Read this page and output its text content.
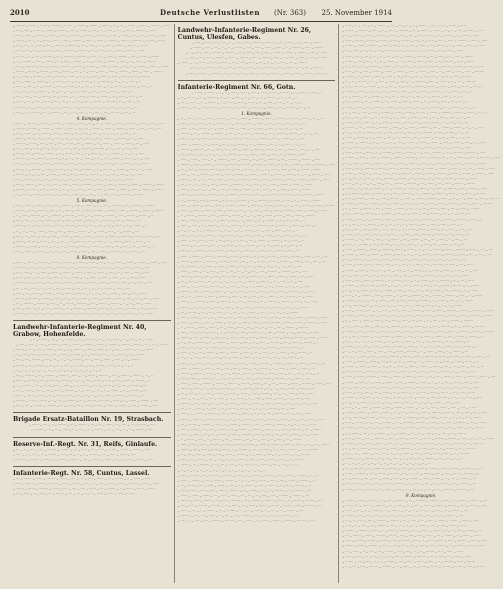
2010	Deutsche Verlustlisten	(Nr. 363) 25. November 1914
– ········ – ······ – ······ – ········ – ······· – ········ – ······· – ······ – ··· – ··· – ······· – ······ – ········ – ······
– ··· – ····· – ······· – ······· – ······· – ····· – ······· – ···· – ·· – ····· – ····· – ····· – ········ – ······
– ····· – ····· – ········ – ······ – ······ – ········ – ······· – ········ – ······· – ······ – ··· – ··· – ······· – ······
– ······· – ···· – ·· – ····· – ····· – ····· – ········ – ······ – ······ – ········ – ······· – ········ – ······· – ······
– ··· – ··· – ·· – ···· – ···· – ········ – ········ – ··· – ····· – ··· – ····· – ······· – ······· – ·······
– ····· – ··· – ··· – ·· – ···· – ···· – ········ – ········ – ··· – ····· – ··· – ····· – ······· – ·······
– ······· – ·· – ···· – ········ – ··· – ········ – ········ – ····· – ·· – ······ – ········ – ···· – ······· – ·······
– ·· – ········ – ····· – ······· – ·· – ···· – ········ – ··· – ········ – ········ – ····· – ·· – ······ – ········
– ····· – ········ – ······ – ······ – ········ – ······· – ········ – ······· – ······ – ··· – ··· – ······· – ······ – ········
– ······· – ······· – ······· – ····· – ······· – ···· – ·· – ····· – ····· – ····· – ········ – ······ – ······ – ········
– ·· – ······ – ········ – ···· – ······· – ······· – ·· – ·· – ···· – ······ – ····· – ···· – ······ – ········
– ···· – ······ – ········ – ·· – ······ – ···· – ·· – ······· – ··· – ········ – ··· – ··· – ····· – ··
– ······ – ····· – ·· – ········ – ····· – ······· – ·· – ···· – ········ – ··· – ········ – ········ – ····· – ··
– ·· – ···· – ··· – ······· – ···· – ··· – ·· – ·· – ······· – ···· – ····· – ······ – ····· – ··
– ···· – ···· – ···· – ······ – ··· – ······· – ·· – ······ – ······ – ······ – ··· – ····· – ····· – ···
– ······ – ··· – ····· – ····· – ··· – ··· – ·· – ···· – ···· – ········ – ········ – ··· – ····· – ···
– ········ – ·· – ······ – ···· – ·· – ······· – ··· – ········ – ··· – ··· – ····· – ·· – ···· – ···
– ···· – ·· – ······· – ··· – ········ – ··· – ··· – ····· – ·· – ···· – ··· – ······· – ···· – ···
4. Kompagnie.
– ······ – ········ – ······· – ········ – ······· – ······ – ··· – ··· – ······· – ······ – ········ – ······ – ···· – ····
– ········ – ······· – ········ – ······· – ······ – ··· – ··· – ······· – ······ – ········ – ······ – ···· – ···· – ····
– ··· – ······· – ·· – ······ – ······ – ······ – ··· – ····· – ····· – ··· – ··· – ·· – ···· – ····
– ······ – ······ – ··· – ····· – ····· – ··· – ··· – ·· – ···· – ···· – ········ – ········ – ··· – ·····
– ········ – ······ – ···· – ···· – ···· – ······ – ··· – ······· – ·· – ······ – ······ – ······ – ··· – ·····
– ··· – ····· – ····· – ··· – ··· – ·· – ···· – ···· – ········ – ········ – ··· – ····· – ··· – ·····
– ····· – ···· – ······ – ········ – ·· – ······ – ···· – ·· – ······· – ··· – ········ – ··· – ··· – ·····
– ········ – ···· – ······· – ······· – ·· – ·· – ···· – ······ – ····· – ···· – ······ – ········ – ·· – ······
– ··· – ··· – ······· – ······ – ········ – ······ – ···· – ···· – ···· – ······ – ··· – ······· – ·· – ······
– ····· – ·· – ········ – ····· – ······· – ·· – ···· – ········ – ··· – ········ – ········ – ····· – ·· – ······
– ······· – ·· – ·· – ···· – ······ – ····· – ···· – ······ – ········ – ·· – ······ – ···· – ·· – ·······
– ··· – ········ – ··· – ··· – ····· – ·· – ···· – ··· – ······· – ···· – ··· – ·· – ·· – ·······
– ····· – ······· – ···· – ·· – ····· – ····· – ····· – ········ – ······ – ······ – ········ – ······· – ········ – ·······
– ······· – ······· – ····· – ······· – ···· – ·· – ····· – ····· – ····· – ········ – ······ – ······ – ········ – ·······
– ·· – ······ – ······ – ······ – ··· – ····· – ····· – ··· – ··· – ·· – ···· – ···· – ········ – ········
5. Kompagnie.
– ···· – ····· – ······ – ····· – ·· – ········ – ····· – ······· – ·· – ···· – ········ – ··· – ········ – ········
– ······· – ····· – ······· – ···· – ·· – ····· – ····· – ····· – ········ – ······ – ······ – ········ – ······· – ········
– ·· – ···· – ········ – ··· – ········ – ········ – ····· – ·· – ······ – ········ – ···· – ······· – ······· – ··
– ···· – ··· – ·· – ·· – ······· – ···· – ····· – ······ – ····· – ·· – ········ – ····· – ······· – ··
– ······ – ··· – ··· – ······· – ······ – ········ – ······ – ···· – ···· – ···· – ······ – ··· – ······· – ··
– ·· – ·· – ···· – ······ – ····· – ···· – ······ – ········ – ·· – ······ – ···· – ·· – ······· – ···
– ···· – ·· – ····· – ····· – ····· – ········ – ······ – ······ – ········ – ······· – ········ – ······· – ······ – ···
– ······ – ········ – ······ – ···· – ···· – ···· – ······ – ··· – ······· – ·· – ······ – ······ – ······ – ···
– ········ – ······· – ······ – ··· – ··· – ······· – ······ – ········ – ······ – ···· – ···· – ···· – ······ – ···
– ···· – ······· – ······· – ·· – ·· – ···· – ······ – ····· – ···· – ······ – ········ – ·· – ······ – ····
8. Kompagnie.
– ······ – ······ – ········ – ······· – ········ – ······· – ······ – ··· – ··· – ······· – ······ – ········ – ······ – ····
– ········ – ····· – ·· – ······ – ········ – ···· – ······· – ······· – ·· – ·· – ···· – ······ – ····· – ····
– ··· – ····· – ··· – ····· – ······· – ······· – ······· – ····· – ······· – ···· – ·· – ····· – ····· – ·····
– ······ – ···· – ···· – ···· – ······ – ··· – ······· – ·· – ······ – ······ – ······ – ··· – ····· – ·····
– ········ – ··· – ····· – ··· – ····· – ······· – ······· – ······· – ····· – ······· – ···· – ·· – ····· – ·····
– ··· – ··· – ····· – ·· – ···· – ··· – ······· – ···· – ··· – ·· – ·· – ······· – ···· – ·····
– ····· – ·· – ······ – ········ – ···· – ······· – ······· – ·· – ·· – ···· – ······ – ····· – ···· – ······
– ······· – ········ – ······· – ······ – ··· – ··· – ······· – ······ – ········ – ······ – ···· – ···· – ···· – ······
– ··· – ········ – ········ – ····· – ·· – ······ – ········ – ···· – ······· – ······· – ·· – ·· – ···· – ······
– ····· – ······· – ·· – ···· – ········ – ··· – ········ – ········ – ····· – ·· – ······ – ········ – ···· – ·······
– ······· – ······ – ··· – ··· – ······· – ······ – ········ – ······ – ···· – ···· – ···· – ······ – ··· – ·······
Landwehr-Infanterie-Regiment Nr. 40, Grabow, Hohenfelde.
– ·· – ······ – ···· – ·· – ······· – ··· – ········ – ··· – ··· – ····· – ·· – ···· – ··· – ·······
– ····· – ····· – ····· – ········ – ······ – ······ – ········ – ······· – ········ – ······· – ······ – ··· – ··· – ·······
– ······· – ···· – ····· – ······ – ····· – ·· – ········ – ····· – ······· – ·· – ···· – ········ – ··· – ········
– ·· – ···· – ······ – ····· – ···· – ······ – ········ – ·· – ······ – ···· – ·· – ······· – ··· – ········
– ···· – ··· – ······· – ···· – ··· – ·· – ·· – ······· – ···· – ····· – ······ – ····· – ·· – ········
– ······· – ··· – ········ – ··· – ··· – ····· – ·· – ···· – ··· – ······· – ···· – ··· – ·· – ··
– ·· – ·· – ·· – ·· – ·· – ·· – ·· – ·· – ·· – ·· – ·· – ·· – ·· – ··
– ···· – ········ – ··· – ········ – ········ – ····· – ·· – ······ – ········ – ···· – ······· – ······· – ·· – ··
– ······ – ········ – ···· – ······· – ······· – ·· – ·· – ···· – ······ – ····· – ···· – ······ – ········ – ··
– ·· – ······· – ···· – ····· – ······ – ····· – ·· – ········ – ····· – ······· – ·· – ···· – ········ – ···
– ···· – ······ – ····· – ···· – ······ – ········ – ·· – ······ – ···· – ·· – ······· – ··· – ········ – ···
– ······ – ······ – ······ – ··· – ····· – ····· – ··· – ··· – ·· – ···· – ···· – ········ – ········ – ···
– ········ – ····· – ······· – ·· – ···· – ········ – ··· – ········ – ········ – ····· – ·· – ······ – ········ – ····
– ···· – ···· – ········ – ········ – ··· – ····· – ··· – ····· – ······· – ······· – ······· – ····· – ······· – ····
Brigade Ersatz-Bataillon Nr. 19, Strasbach.
– ······ – ···· – ·· – ······· – ··· – ········ – ··· – ··· – ····· – ·· – ···· – ··· – ······· – ····
– ········ – ··· – ··· – ····· – ·· – ···· – ··· – ······· – ···· – ··· – ·· – ·· – ······· – ····
Reserve-Inf.-Regt. Nr. 31, Reifs, Ginlaufe.
– ··· – ·· – ···· – ···· – ········ – ········ – ··· – ····· – ··· – ····· – ······· – ······· – ······· – ·····
– ····· – ·· – ···· – ··· – ······· – ···· – ··· – ·· – ·· – ······· – ···· – ····· – ······ – ·····
– ········ – ········ – ····· – ·· – ······ – ········ – ···· – ······· – ······· – ·· – ·· – ···· – ······ – ·····
Infanterie-Regt. Nr. 58, Cuntus, Lassel.
– ··· – ······· – ······ – ········ – ······ – ···· – ···· – ···· – ······ – ··· – ······· – ·· – ······ – ······
– ····· – ······· – ······· – ······· – ····· – ······· – ···· – ·· – ····· – ····· – ····· – ········ – ······ – ······
– ······· – ······ – ········ – ······ – ···· – ···· – ···· – ······ – ··· – ······· – ·· – ······ – ······ – ······
– ··· – ····· – ·· – ···· – ··· – ······· – ···· – ··· – ·· – ·· – ······· – ···· – ····· – ······
Landwehr-Infanterie-Regiment Nr. 26, Cuntus, Ulesfen, Gabes.
– ····· – ····· – ··· – ··· – ·· – ···· – ···· – ········ – ········ – ··· – ····· – ··· – ····· – ·······
– ······· – ···· – ··· – ·· – ·· – ······· – ···· – ····· – ······ – ····· – ·· – ········ – ····· – ·······
– ·· – ···· – ···· – ········ – ········ – ··· – ····· – ··· – ····· – ······· – ······· – ······· – ····· – ·······
– ····· – ··· – ····· – ······· – ······· – ······· – ····· – ······· – ···· – ·· – ····· – ····· – ····· – ········
– ······· – ·· – ······ – ······ – ······ – ··· – ····· – ····· – ··· – ··· – ·· – ···· – ···· – ········
– ·· – ·· – ······· – ···· – ····· – ······ – ····· – ·· – ········ – ····· – ······· – ·· – ···· – ········
– ···· – ········ – ········ – ··· – ····· – ··· – ····· – ······· – ······· – ······· – ····· – ······· – ···· – ··
Infanterie-Regiment Nr. 66, Gotn.
– ······· – ······· – ·· – ·· – ···· – ······ – ····· – ···· – ······ – ········ – ·· – ······ – ···· – ··
– ·· – ······· – ··· – ········ – ··· – ··· – ····· – ·· – ···· – ··· – ······· – ···· – ··· – ··
– ···· – ······ – ··· – ······· – ·· – ······ – ······ – ······ – ··· – ····· – ····· – ··· – ··· – ··
– ······ – ····· – ···· – ······ – ········ – ·· – ······ – ···· – ·· – ······· – ··· – ········ – ··· – ···
1. Kompagnie.
– ·· – ····· – ····· – ····· – ········ – ······ – ······ – ········ – ······· – ········ – ······· – ······ – ··· – ···
– ···· – ···· – ······ – ··· – ······· – ·· – ······ – ······ – ······ – ··· – ····· – ····· – ··· – ···
– ······ – ··· – ······· – ·· – ······ – ······ – ······ – ··· – ····· – ····· – ··· – ··· – ·· – ····
– ········ – ··· – ········ – ········ – ····· – ·· – ······ – ········ – ···· – ······· – ······· – ·· – ·· – ····
– ··· – ·· – ·· – ······· – ···· – ····· – ······ – ····· – ·· – ········ – ····· – ······· – ·· – ····
– ······ – ········ – ·· – ······ – ···· – ·· – ······· – ··· – ········ – ··· – ··· – ····· – ·· – ····
– ········ – ········ – ··· – ····· – ··· – ····· – ······· – ······· – ······· – ····· – ······· – ···· – ·· – ·····
– ··· – ······· – ···· – ··· – ·· – ·· – ······· – ···· – ····· – ······ – ····· – ·· – ········ – ·····
– ····· – ······ – ····· – ·· – ········ – ····· – ······· – ·· – ···· – ········ – ··· – ········ – ········ – ·····
– ········ – ······ – ······ – ········ – ······· – ········ – ······· – ······ – ··· – ··· – ······· – ······ – ········ – ······
– ··· – ····· – ······· – ······· – ······· – ····· – ······· – ···· – ·· – ····· – ····· – ····· – ········ – ······
– ····· – ····· – ········ – ······ – ······ – ········ – ······· – ········ – ······· – ······ – ··· – ··· – ······· – ······
– ······· – ···· – ·· – ····· – ····· – ····· – ········ – ······ – ······ – ········ – ······· – ········ – ······· – ······
– ··· – ··· – ·· – ···· – ···· – ········ – ········ – ··· – ····· – ··· – ····· – ······· – ······· – ·······
– ····· – ··· – ··· – ·· – ···· – ···· – ········ – ········ – ··· – ····· – ··· – ····· – ······· – ·······
– ······· – ·· – ···· – ········ – ··· – ········ – ········ – ····· – ·· – ······ – ········ – ···· – ······· – ·······
– ·· – ········ – ····· – ······· – ·· – ···· – ········ – ··· – ········ – ········ – ····· – ·· – ······ – ········
– ····· – ········ – ······ – ······ – ········ – ······· – ········ – ······· – ······ – ··· – ··· – ······· – ······ – ········
– ······· – ······· – ······· – ····· – ······· – ···· – ·· – ····· – ····· – ····· – ········ – ······ – ······ – ········
– ·· – ······ – ········ – ···· – ······· – ······· – ·· – ·· – ···· – ······ – ····· – ···· – ······ – ········
– ···· – ······ – ········ – ·· – ······ – ···· – ·· – ······· – ··· – ········ – ··· – ··· – ····· – ··
– ······ – ····· – ·· – ········ – ····· – ······· – ·· – ···· – ········ – ··· – ········ – ········ – ····· – ··
– ·· – ···· – ··· – ······· – ···· – ··· – ·· – ·· – ······· – ···· – ····· – ······ – ····· – ··
– ···· – ···· – ···· – ······ – ··· – ······· – ·· – ······ – ······ – ······ – ··· – ····· – ····· – ···
– ······ – ··· – ····· – ····· – ··· – ··· – ·· – ···· – ···· – ········ – ········ – ··· – ····· – ···
– ········ – ·· – ······ – ···· – ·· – ······· – ··· – ········ – ··· – ··· – ····· – ·· – ···· – ···
– ···· – ·· – ······· – ··· – ········ – ··· – ··· – ····· – ·· – ···· – ··· – ······· – ···· – ···
– ······ – ········ – ······· – ········ – ······· – ······ – ··· – ··· – ······· – ······ – ········ – ······ – ···· – ····
– ········ – ······· – ········ – ······· – ······ – ··· – ··· – ······· – ······ – ········ – ······ – ···· – ···· – ····
– ··· – ······· – ·· – ······ – ······ – ······ – ··· – ····· – ····· – ··· – ··· – ·· – ···· – ····
– ······ – ······ – ··· – ····· – ····· – ··· – ··· – ·· – ···· – ···· – ········ – ········ – ··· – ·····
– ········ – ······ – ···· – ···· – ···· – ······ – ··· – ······· – ·· – ······ – ······ – ······ – ··· – ·····
– ··· – ····· – ····· – ··· – ··· – ·· – ···· – ···· – ········ – ········ – ··· – ····· – ··· – ·····
– ····· – ···· – ······ – ········ – ·· – ······ – ···· – ·· – ······· – ··· – ········ – ··· – ··· – ·····
– ········ – ···· – ······· – ······· – ·· – ·· – ···· – ······ – ····· – ···· – ······ – ········ – ·· – ······
– ··· – ··· – ······· – ······ – ········ – ······ – ···· – ···· – ···· – ······ – ··· – ······· – ·· – ······
– ····· – ·· – ········ – ····· – ······· – ·· – ···· – ········ – ··· – ········ – ········ – ····· – ·· – ······
– ······· – ·· – ·· – ···· – ······ – ····· – ···· – ······ – ········ – ·· – ······ – ···· – ·· – ·······
– ··· – ········ – ··· – ··· – ····· – ·· – ···· – ··· – ······· – ···· – ··· – ·· – ·· – ·······
– ····· – ······· – ···· – ·· – ····· – ····· – ····· – ········ – ······ – ······ – ········ – ······· – ········ – ·······
– ······· – ······· – ····· – ······· – ···· – ·· – ····· – ····· – ····· – ········ – ······ – ······ – ········ – ·······
– ·· – ······ – ······ – ······ – ··· – ····· – ····· – ··· – ··· – ·· – ···· – ···· – ········ – ········
– ···· – ····· – ······ – ····· – ·· – ········ – ····· – ······· – ·· – ···· – ········ – ··· – ········ – ········
– ······· – ····· – ······· – ···· – ·· – ····· – ····· – ····· – ········ – ······ – ······ – ········ – ······· – ········
– ·· – ···· – ········ – ··· – ········ – ········ – ····· – ·· – ······ – ········ – ···· – ······· – ······· – ··
– ···· – ··· – ·· – ·· – ······· – ···· – ····· – ······ – ····· – ·· – ········ – ····· – ······· – ··
– ······ – ··· – ··· – ······· – ······ – ········ – ······ – ···· – ···· – ···· – ······ – ··· – ······· – ··
– ·· – ·· – ···· – ······ – ····· – ···· – ······ – ········ – ·· – ······ – ···· – ·· – ······· – ···
– ···· – ·· – ····· – ····· – ····· – ········ – ······ – ······ – ········ – ······· – ········ – ······· – ······ – ···
– ······ – ········ – ······ – ···· – ···· – ···· – ······ – ··· – ······· – ·· – ······ – ······ – ······ – ···
– ········ – ······· – ······ – ··· – ··· – ······· – ······ – ········ – ······ – ···· – ···· – ···· – ······ – ···
– ···· – ······· – ······· – ·· – ·· – ···· – ······ – ····· – ···· – ······ – ········ – ·· – ······ – ····
– ······ – ······ – ········ – ······· – ········ – ······· – ······ – ··· – ··· – ······· – ······ – ········ – ······ – ····
– ········ – ····· – ·· – ······ – ········ – ···· – ······· – ······· – ·· – ·· – ···· – ······ – ····· – ····
– ··· – ····· – ··· – ····· – ······· – ······· – ······· – ····· – ······· – ···· – ·· – ····· – ····· – ·····
– ······ – ···· – ···· – ···· – ······ – ··· – ······· – ·· – ······ – ······ – ······ – ··· – ····· – ·····
– ········ – ··· – ····· – ··· – ····· – ······· – ······· – ······· – ····· – ······· – ···· – ·· – ····· – ·····
– ··· – ··· – ····· – ·· – ···· – ··· – ······· – ···· – ··· – ·· – ·· – ······· – ···· – ·····
– ····· – ·· – ······ – ········ – ···· – ······· – ······· – ·· – ·· – ···· – ······ – ····· – ···· – ······
– ······· – ········ – ······· – ······ – ··· – ··· – ······· – ······ – ········ – ······ – ···· – ···· – ···· – ······
– ··· – ········ – ········ – ····· – ·· – ······ – ········ – ···· – ······· – ······· – ·· – ·· – ···· – ······
– ····· – ······· – ·· – ···· – ········ – ··· – ········ – ········ – ····· – ·· – ······ – ········ – ···· – ·······
– ······· – ······ – ··· – ··· – ······· – ······ – ········ – ······ – ···· – ···· – ···· – ······ – ··· – ·······
– ·· – ······ – ···· – ·· – ······· – ··· – ········ – ··· – ··· – ····· – ·· – ···· – ··· – ·······
– ····· – ····· – ····· – ········ – ······ – ······ – ········ – ······· – ········ – ······· – ······ – ··· – ··· – ·······
– ······· – ···· – ····· – ······ – ····· – ·· – ········ – ····· – ······· – ·· – ···· – ········ – ··· – ········
– ·· – ···· – ······ – ····· – ···· – ······ – ········ – ·· – ······ – ···· – ·· – ······· – ··· – ········
– ···· – ··· – ······· – ···· – ··· – ·· – ·· – ······· – ···· – ····· – ······ – ····· – ·· – ········
– ······· – ··· – ········ – ··· – ··· – ····· – ·· – ···· – ··· – ······· – ···· – ··· – ·· – ··
– ·· – ·· – ·· – ·· – ·· – ·· – ·· – ·· – ·· – ·· – ·· – ·· – ·· – ··
– ···· – ········ – ··· – ········ – ········ – ····· – ·· – ······ – ········ – ···· – ······· – ······· – ·· – ··
– ······ – ········ – ···· – ······· – ······· – ·· – ·· – ···· – ······ – ····· – ···· – ······ – ········ – ··
– ·· – ······· – ···· – ····· – ······ – ····· – ·· – ········ – ····· – ······· – ·· – ···· – ········ – ···
– ···· – ······ – ····· – ···· – ······ – ········ – ·· – ······ – ···· – ·· – ······· – ··· – ········ – ···
– ······ – ······ – ······ – ··· – ····· – ····· – ··· – ··· – ·· – ···· – ···· – ········ – ········ – ···
– ········ – ····· – ······· – ·· – ···· – ········ – ··· – ········ – ········ – ····· – ·· – ······ – ········ – ····
– ···· – ···· – ········ – ········ – ··· – ····· – ··· – ····· – ······· – ······· – ······· – ····· – ······· – ····
– ······ – ···· – ·· – ······· – ··· – ········ – ··· – ··· – ····· – ·· – ···· – ··· – ······· – ····
– ········ – ··· – ··· – ····· – ·· – ···· – ··· – ······· – ···· – ··· – ·· – ·· – ······· – ····
– ··· – ·· – ···· – ···· – ········ – ········ – ··· – ····· – ··· – ····· – ······· – ······· – ······· – ·····
– ····· – ·· – ···· – ··· – ······· – ···· – ··· – ·· – ·· – ······· – ···· – ····· – ······ – ·····
– ········ – ········ – ····· – ·· – ······ – ········ – ···· – ······· – ······· – ·· – ·· – ···· – ······ – ·····
– ··· – ······· – ······ – ········ – ······ – ···· – ···· – ···· – ······ – ··· – ······· – ·· – ······ – ······
– ····· – ······· – ······· – ······· – ····· – ······· – ···· – ·· – ····· – ····· – ····· – ········ – ······ – ······
– ······· – ······ – ········ – ······ – ···· – ···· – ···· – ······ – ··· – ······· – ·· – ······ – ······ – ······
– ··· – ····· – ·· – ···· – ··· – ······· – ···· – ··· – ·· – ·· – ······· – ···· – ····· – ······
– ····· – ····· – ··· – ··· – ·· – ···· – ···· – ········ – ········ – ··· – ····· – ··· – ····· – ·······
– ······· – ···· – ··· – ·· – ·· – ······· – ···· – ····· – ······ – ····· – ·· – ········ – ····· – ·······
– ·· – ···· – ···· – ········ – ········ – ··· – ····· – ··· – ····· – ······· – ······· – ······· – ····· – ·······
– ····· – ··· – ····· – ······· – ······· – ······· – ····· – ······· – ···· – ·· – ····· – ····· – ····· – ········
– ······· – ·· – ······ – ······ – ······ – ··· – ····· – ····· – ··· – ··· – ·· – ···· – ···· – ········
– ·· – ·· – ······· – ···· – ····· – ······ – ····· – ·· – ········ – ····· – ······· – ·· – ···· – ········
– ···· – ········ – ········ – ··· – ····· – ··· – ····· – ······· – ······· – ······· – ····· – ······· – ···· – ··
– ······· – ······· – ·· – ·· – ···· – ······ – ····· – ···· – ······ – ········ – ·· – ······ – ···· – ··
– ·· – ······· – ··· – ········ – ··· – ··· – ····· – ·· – ···· – ··· – ······· – ···· – ··· – ··
– ···· – ······ – ··· – ······· – ·· – ······ – ······ – ······ – ··· – ····· – ····· – ··· – ··· – ··
– ······ – ····· – ···· – ······ – ········ – ·· – ······ – ···· – ·· – ······· – ··· – ········ – ··· – ···
– ·· – ····· – ····· – ····· – ········ – ······ – ······ – ········ – ······· – ········ – ······· – ······ – ··· – ···
– ···· – ···· – ······ – ··· – ······· – ·· – ······ – ······ – ······ – ··· – ····· – ····· – ··· – ···
– ······ – ··· – ······· – ·· – ······ – ······ – ······ – ··· – ····· – ····· – ··· – ··· – ·· – ····
– ········ – ··· – ········ – ········ – ····· – ·· – ······ – ········ – ···· – ······· – ······· – ·· – ·· – ····
– ··· – ·· – ·· – ······· – ···· – ····· – ······ – ····· – ·· – ········ – ····· – ······· – ·· – ····
– ······ – ········ – ·· – ······ – ···· – ·· – ······· – ··· – ········ – ··· – ··· – ····· – ·· – ····
– ········ – ········ – ··· – ····· – ··· – ····· – ······· – ······· – ······· – ····· – ······· – ···· – ·· – ·····
– ··· – ······· – ···· – ··· – ·· – ·· – ······· – ···· – ····· – ······ – ····· – ·· – ········ – ·····
– ····· – ······ – ····· – ·· – ········ – ····· – ······· – ·· – ···· – ········ – ··· – ········ – ········ – ·····
– ········ – ······ – ······ – ········ – ······· – ········ – ······· – ······ – ··· – ··· – ······· – ······ – ········ – ······
– ··· – ····· – ······· – ······· – ······· – ····· – ······· – ···· – ·· – ····· – ····· – ····· – ········ – ······
– ····· – ····· – ········ – ······ – ······ – ········ – ······· – ········ – ······· – ······ – ··· – ··· – ······· – ······
– ······· – ···· – ·· – ····· – ····· – ····· – ········ – ······ – ······ – ········ – ······· – ········ – ······· – ······
– ··· – ··· – ·· – ···· – ···· – ········ – ········ – ··· – ····· – ··· – ····· – ······· – ······· – ·······
– ····· – ··· – ··· – ·· – ···· – ···· – ········ – ········ – ··· – ····· – ··· – ····· – ······· – ·······
– ······· – ·· – ···· – ········ – ··· – ········ – ········ – ····· – ·· – ······ – ········ – ···· – ······· – ·······
– ·· – ········ – ····· – ······· – ·· – ···· – ········ – ··· – ········ – ········ – ····· – ·· – ······ – ········
– ····· – ········ – ······ – ······ – ········ – ······· – ········ – ······· – ······ – ··· – ··· – ······· – ······ – ········
– ······· – ······· – ······· – ····· – ······· – ···· – ·· – ····· – ····· – ····· – ········ – ······ – ······ – ········
– ·· – ······ – ········ – ···· – ······· – ······· – ·· – ·· – ···· – ······ – ····· – ···· – ······ – ········
– ···· – ······ – ········ – ·· – ······ – ···· – ·· – ······· – ··· – ········ – ··· – ··· – ····· – ··
– ······ – ····· – ·· – ········ – ····· – ······· – ·· – ···· – ········ – ··· – ········ – ········ – ····· – ··
– ·· – ···· – ··· – ······· – ···· – ··· – ·· – ·· – ······· – ···· – ····· – ······ – ····· – ··
– ···· – ···· – ···· – ······ – ··· – ······· – ·· – ······ – ······ – ······ – ··· – ····· – ····· – ···
– ······ – ··· – ····· – ····· – ··· – ··· – ·· – ···· – ···· – ········ – ········ – ··· – ····· – ···
– ········ – ·· – ······ – ···· – ·· – ······· – ··· – ········ – ··· – ··· – ····· – ·· – ···· – ···
– ···· – ·· – ······· – ··· – ········ – ··· – ··· – ····· – ·· – ···· – ··· – ······· – ···· – ···
– ······ – ········ – ······· – ········ – ······· – ······ – ··· – ··· – ······· – ······ – ········ – ······ – ···· – ····
– ········ – ······· – ········ – ······· – ······ – ··· – ··· – ······· – ······ – ········ – ······ – ···· – ···· – ····
– ··· – ······· – ·· – ······ – ······ – ······ – ··· – ····· – ····· – ··· – ··· – ·· – ···· – ····
– ······ – ······ – ··· – ····· – ····· – ··· – ··· – ·· – ···· – ···· – ········ – ········ – ··· – ·····
– ········ – ······ – ···· – ···· – ···· – ······ – ··· – ······· – ·· – ······ – ······ – ······ – ··· – ·····
– ··· – ····· – ····· – ··· – ··· – ·· – ···· – ···· – ········ – ········ – ··· – ····· – ··· – ·····
– ····· – ···· – ······ – ········ – ·· – ······ – ···· – ·· – ······· – ··· – ········ – ··· – ··· – ·····
– ········ – ···· – ······· – ······· – ·· – ·· – ···· – ······ – ····· – ···· – ······ – ········ – ·· – ······
– ··· – ··· – ······· – ······ – ········ – ······ – ···· – ···· – ···· – ······ – ··· – ······· – ·· – ······
– ····· – ·· – ········ – ····· – ······· – ·· – ···· – ········ – ··· – ········ – ········ – ····· – ·· – ······
– ······· – ·· – ·· – ···· – ······ – ····· – ···· – ······ – ········ – ·· – ······ – ···· – ·· – ·······
– ··· – ········ – ··· – ··· – ····· – ·· – ···· – ··· – ······· – ···· – ··· – ·· – ·· – ·······
– ····· – ······· – ···· – ·· – ····· – ····· – ····· – ········ – ······ – ······ – ········ – ······· – ········ – ·······
– ······· – ······· – ····· – ······· – ···· – ·· – ····· – ····· – ····· – ········ – ······ – ······ – ········ – ·······
– ·· – ······ – ······ – ······ – ··· – ····· – ····· – ··· – ··· – ·· – ···· – ···· – ········ – ········
– ···· – ····· – ······ – ····· – ·· – ········ – ····· – ······· – ·· – ···· – ········ – ··· – ········ – ········
– ······· – ····· – ······· – ···· – ·· – ····· – ····· – ····· – ········ – ······ – ······ – ········ – ······· – ········
– ·· – ···· – ········ – ··· – ········ – ········ – ····· – ·· – ······ – ········ – ···· – ······· – ······· – ··
– ···· – ··· – ·· – ·· – ······· – ···· – ····· – ······ – ····· – ·· – ········ – ····· – ······· – ··
– ······ – ··· – ··· – ······· – ······ – ········ – ······ – ···· – ···· – ···· – ······ – ··· – ······· – ··
– ·· – ·· – ···· – ······ – ····· – ···· – ······ – ········ – ·· – ······ – ···· – ·· – ······· – ···
– ···· – ·· – ····· – ····· – ····· – ········ – ······ – ······ – ········ – ······· – ········ – ······· – ······ – ···
– ······ – ········ – ······ – ···· – ···· – ···· – ······ – ··· – ······· – ·· – ······ – ······ – ······ – ···
– ········ – ······· – ······ – ··· – ··· – ······· – ······ – ········ – ······ – ···· – ···· – ···· – ······ – ···
– ···· – ······· – ······· – ·· – ·· – ···· – ······ – ····· – ···· – ······ – ········ – ·· – ······ – ····
– ······ – ······ – ········ – ······· – ········ – ······· – ······ – ··· – ··· – ······· – ······ – ········ – ······ – ····
– ········ – ····· – ·· – ······ – ········ – ···· – ······· – ······· – ·· – ·· – ···· – ······ – ····· – ····
– ··· – ····· – ··· – ····· – ······· – ······· – ······· – ····· – ······· – ···· – ·· – ····· – ····· – ·····
– ······ – ···· – ···· – ···· – ······ – ··· – ······· – ·· – ······ – ······ – ······ – ··· – ····· – ·····
– ········ – ··· – ····· – ··· – ····· – ······· – ······· – ······· – ····· – ······· – ···· – ·· – ····· – ·····
– ··· – ··· – ····· – ·· – ···· – ··· – ······· – ···· – ··· – ·· – ·· – ······· – ···· – ·····
– ····· – ·· – ······ – ········ – ···· – ······· – ······· – ·· – ·· – ···· – ······ – ····· – ···· – ······
– ······· – ········ – ······· – ······ – ··· – ··· – ······· – ······ – ········ – ······ – ···· – ···· – ···· – ······
– ··· – ········ – ········ – ····· – ·· – ······ – ········ – ···· – ······· – ······· – ·· – ·· – ···· – ······
– ····· – ······· – ·· – ···· – ········ – ··· – ········ – ········ – ····· – ·· – ······ – ········ – ···· – ·······
– ······· – ······ – ··· – ··· – ······· – ······ – ········ – ······ – ···· – ···· – ···· – ······ – ··· – ·······
– ·· – ······ – ···· – ·· – ······· – ··· – ········ – ··· – ··· – ····· – ·· – ···· – ··· – ·······
– ····· – ····· – ····· – ········ – ······ – ······ – ········ – ······· – ········ – ······· – ······ – ··· – ··· – ·······
– ······· – ···· – ····· – ······ – ····· – ·· – ········ – ····· – ······· – ·· – ···· – ········ – ··· – ········
– ·· – ···· – ······ – ····· – ···· – ······ – ········ – ·· – ······ – ···· – ·· – ······· – ··· – ········
– ···· – ··· – ······· – ···· – ··· – ·· – ·· – ······· – ···· – ····· – ······ – ····· – ·· – ········
– ······· – ··· – ········ – ··· – ··· – ····· – ·· – ···· – ··· – ······· – ···· – ··· – ·· – ··
– ·· – ·· – ·· – ·· – ·· – ·· – ·· – ·· – ·· – ·· – ·· – ·· – ·· – ··
– ···· – ········ – ··· – ········ – ········ – ····· – ·· – ······ – ········ – ···· – ······· – ······· – ·· – ··
– ······ – ········ – ···· – ······· – ······· – ·· – ·· – ···· – ······ – ····· – ···· – ······ – ········ – ··
– ·· – ······· – ···· – ····· – ······ – ····· – ·· – ········ – ····· – ······· – ·· – ···· – ········ – ···
– ···· – ······ – ····· – ···· – ······ – ········ – ·· – ······ – ···· – ·· – ······· – ··· – ········ – ···
– ······ – ······ – ······ – ··· – ····· – ····· – ··· – ··· – ·· – ···· – ···· – ········ – ········ – ···
9. Kompagnie.
– ········ – ····· – ······· – ·· – ···· – ········ – ··· – ········ – ········ – ····· – ·· – ······ – ········ – ····
– ···· – ···· – ········ – ········ – ··· – ····· – ··· – ····· – ······· – ······· – ······· – ····· – ······· – ····
– ······ – ···· – ·· – ······· – ··· – ········ – ··· – ··· – ····· – ·· – ···· – ··· – ······· – ····
– ········ – ··· – ··· – ····· – ·· – ···· – ··· – ······· – ···· – ··· – ·· – ·· – ······· – ····
– ··· – ·· – ···· – ···· – ········ – ········ – ··· – ····· – ··· – ····· – ······· – ······· – ······· – ·····
– ····· – ·· – ···· – ··· – ······· – ···· – ··· – ·· – ·· – ······· – ···· – ····· – ······ – ·····
– ········ – ········ – ····· – ·· – ······ – ········ – ···· – ······· – ······· – ·· – ·· – ···· – ······ – ·····
– ··· – ······· – ······ – ········ – ······ – ···· – ···· – ···· – ······ – ··· – ······· – ·· – ······ – ······
– ····· – ······· – ······· – ······· – ····· – ······· – ···· – ·· – ····· – ····· – ····· – ········ – ······ – ······
– ······· – ······ – ········ – ······ – ···· – ···· – ···· – ······ – ··· – ······· – ·· – ······ – ······ – ······
– ··· – ····· – ·· – ···· – ··· – ······· – ···· – ··· – ·· – ·· – ······· – ···· – ····· – ······
– ····· – ····· – ··· – ··· – ·· – ···· – ···· – ········ – ········ – ··· – ····· – ··· – ····· – ·······
– ······· – ···· – ··· – ·· – ·· – ······· – ···· – ····· – ······ – ····· – ·· – ········ – ····· – ·······
– ·· – ···· – ···· – ········ – ········ – ··· – ····· – ··· – ····· – ······· – ······· – ······· – ····· – ·······
